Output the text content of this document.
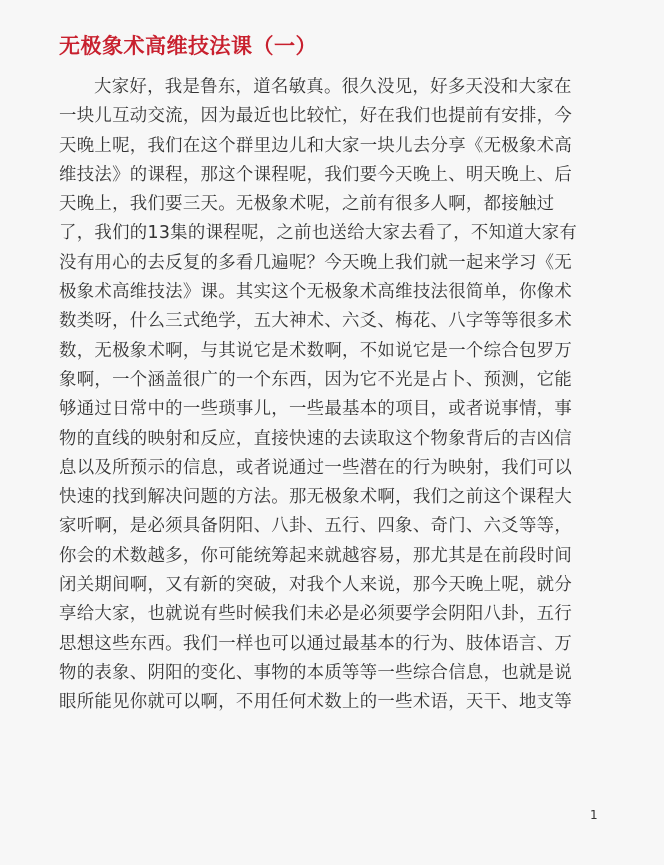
无极象术高维技法课（一）
大家好，我是鲁东，道名敏真。很久没见，好多天没和大家在
一块儿互动交流，因为最近也比较忙，好在我们也提前有安排，今
天晚上呢，我们在这个群里边儿和大家一块儿去分享《无极象术高
维技法》的课程，那这个课程呢，我们要今天晚上、明天晚上、后
天晚上，我们要三天。无极象术呢，之前有很多人啊，都接触过
了，我们的13集的课程呢，之前也送给大家去看了，不知道大家有
没有用心的去反复的多看几遍呢？今天晚上我们就一起来学习《无
极象术高维技法》课。其实这个无极象术高维技法很简单，你像术
数类呀，什么三式绝学，五大神术、六爻、梅花、八字等等很多术
数，无极象术啊，与其说它是术数啊，不如说它是一个综合包罗万
象啊，一个涵盖很广的一个东西，因为它不光是占卜、预测，它能
够通过日常中的一些琐事儿，一些最基本的项目，或者说事情，事
物的直线的映射和反应，直接快速的去读取这个物象背后的吉凶信
息以及所预示的信息，或者说通过一些潜在的行为映射，我们可以
快速的找到解决问题的方法。那无极象术啊，我们之前这个课程大
家听啊，是必须具备阴阳、八卦、五行、四象、奇门、六爻等等，
你会的术数越多，你可能统筹起来就越容易，那尤其是在前段时间
闭关期间啊，又有新的突破，对我个人来说，那今天晚上呢，就分
享给大家，也就说有些时候我们未必是必须要学会阴阳八卦，五行
思想这些东西。我们一样也可以通过最基本的行为、肢体语言、万
物的表象、阴阳的变化、事物的本质等等一些综合信息，也就是说
眼所能见你就可以啊，不用任何术数上的一些术语，天干、地支等
1
